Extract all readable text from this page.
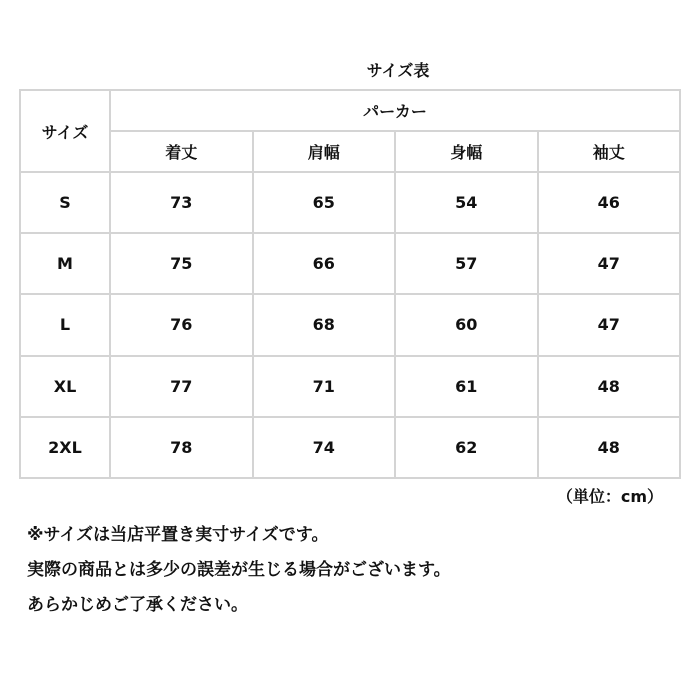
サイズ表
サイズ	パーカー			
	着丈	肩幅	身幅	袖丈
S	73	65	54	46
M	75	66	57	47
L	76	68	60	47
XL	77	71	61	48
2XL	78	74	62	48
（単位：cm）
※サイズは当店平置き実寸サイズです。
実際の商品とは多少の誤差が生じる場合がございます。
あらかじめご了承ください。
